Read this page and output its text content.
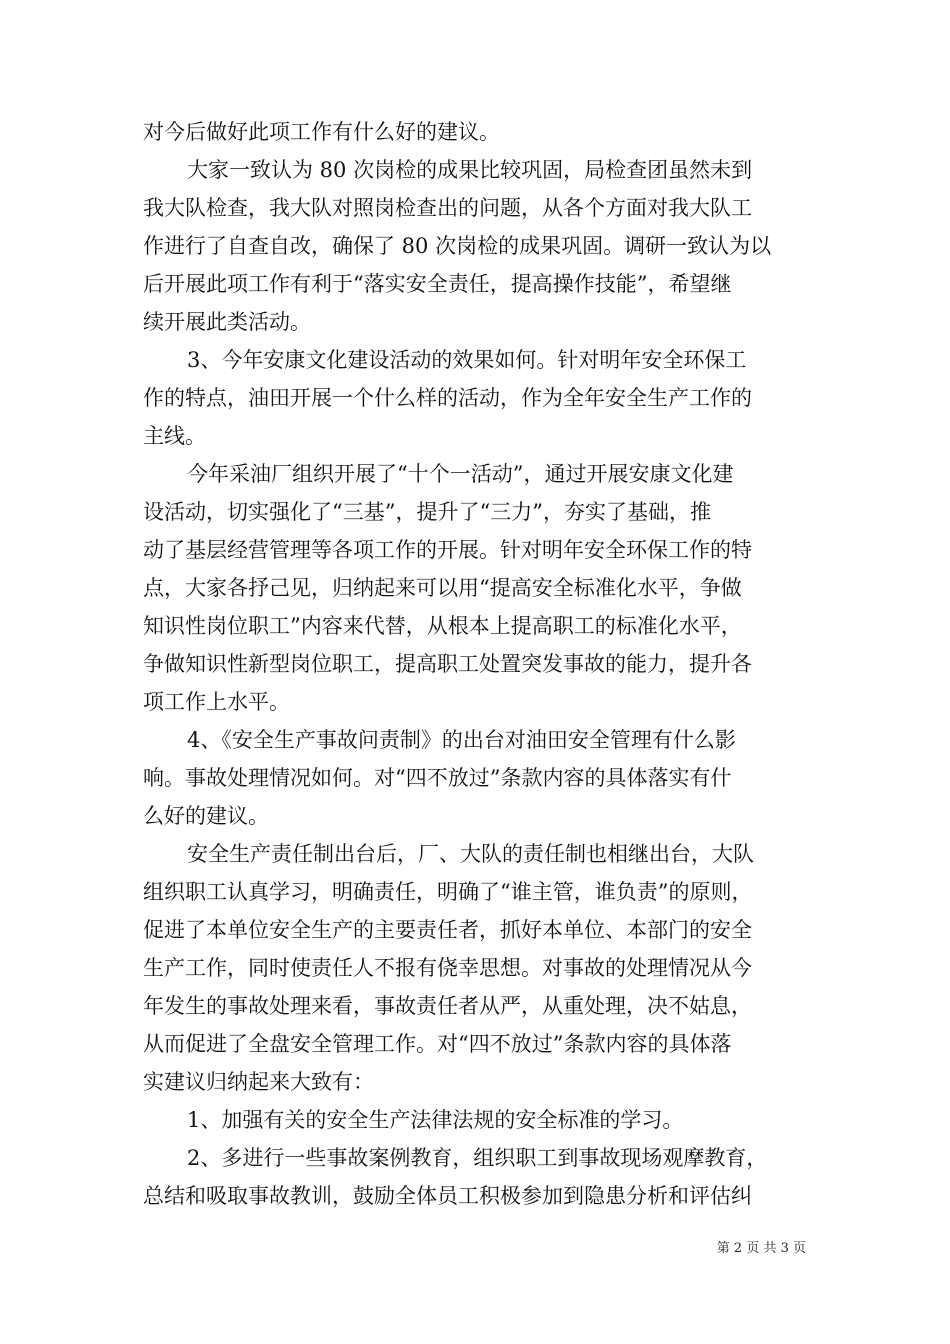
对今后做好此项工作有什么好的建议。
大家一致认为 80 次岗检的成果比较巩固，局检查团虽然未到
我大队检查，我大队对照岗检查出的问题，从各个方面对我大队工
作进行了自查自改，确保了 80 次岗检的成果巩固。调研一致认为以
后开展此项工作有利于“落实安全责任，提高操作技能”，希望继
续开展此类活动。
3、今年安康文化建设活动的效果如何。针对明年安全环保工
作的特点，油田开展一个什么样的活动，作为全年安全生产工作的
主线。
今年采油厂组织开展了“十个一活动”，通过开展安康文化建
设活动，切实强化了“三基”，提升了“三力”，夯实了基础，推
动了基层经营管理等各项工作的开展。针对明年安全环保工作的特
点，大家各抒己见，归纳起来可以用“提高安全标准化水平，争做
知识性岗位职工”内容来代替，从根本上提高职工的标准化水平，
争做知识性新型岗位职工，提高职工处置突发事故的能力，提升各
项工作上水平。
4、《安全生产事故问责制》的出台对油田安全管理有什么影
响。事故处理情况如何。对“四不放过”条款内容的具体落实有什
么好的建议。
安全生产责任制出台后，厂、大队的责任制也相继出台，大队
组织职工认真学习，明确责任，明确了“谁主管，谁负责”的原则，
促进了本单位安全生产的主要责任者，抓好本单位、本部门的安全
生产工作，同时使责任人不报有侥幸思想。对事故的处理情况从今
年发生的事故处理来看，事故责任者从严，从重处理，决不姑息，
从而促进了全盘安全管理工作。对“四不放过”条款内容的具体落
实建议归纳起来大致有：
1、加强有关的安全生产法律法规的安全标准的学习。
2、多进行一些事故案例教育，组织职工到事故现场观摩教育，
总结和吸取事故教训，鼓励全体员工积极参加到隐患分析和评估纠
第 2 页 共 3 页
